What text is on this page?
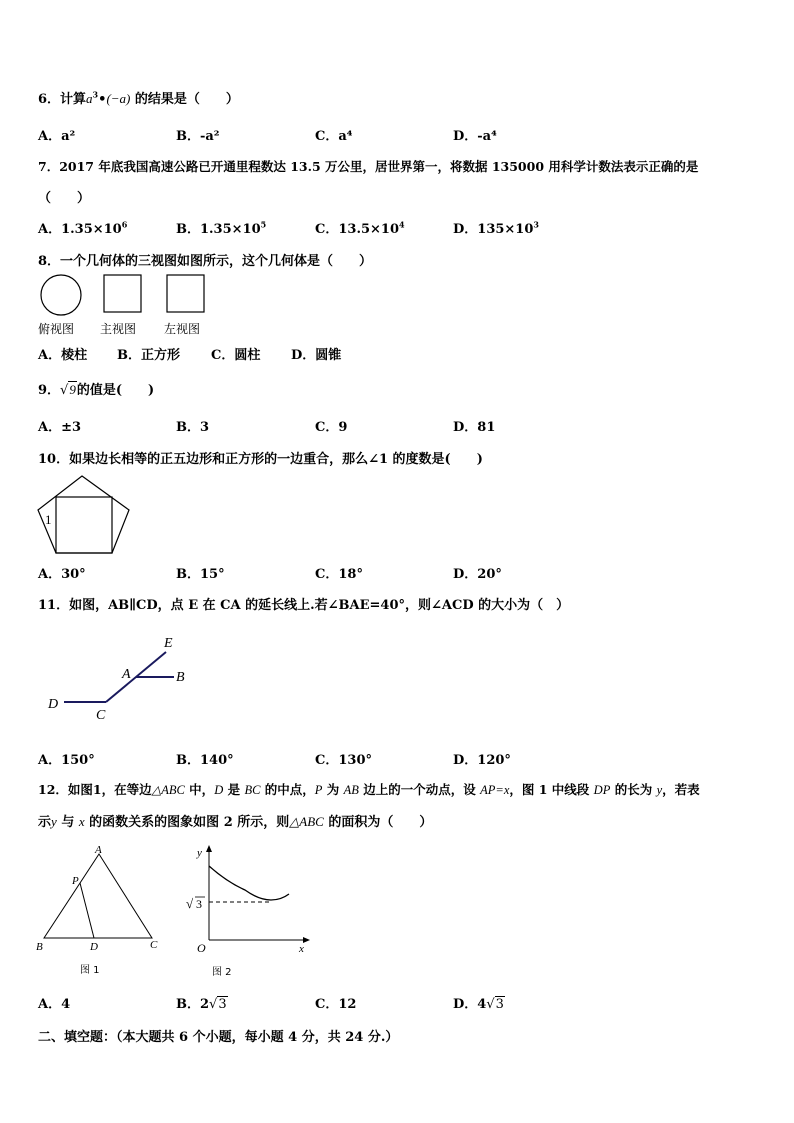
6．计算$a^3•(-a)$ 的结果是（　　）
A．a²	B．-a²	C．a⁴	D．-a⁴
7．2017 年底我国高速公路已开通里程数达 13.5 万公里，居世界第一，将数据 135000 用科学计数法表示正确的是
（　　）
A．$1.35\times 10^6$	B．$1.35\times 10^5$	C．$13.5\times 10^4$	D．$135\times 10^3$
8．一个几何体的三视图如图所示，这个几何体是（　　）
俯视图 主视图 左视图
A．棱柱 B．正方形 C．圆柱 D．圆锥
9．√9的值是(　　)
A．±3	B．3	C．9	D．81
10．如果边长相等的正五边形和正方形的一边重合，那么∠1 的度数是(　　)
1
A．30°	B．15°	C．18°	D．20°
11．如图，AB∥CD，点 E 在 CA 的延长线上.若∠BAE=40°，则∠ACD 的大小为（　）
E
A	B
D
C
A．150°	B．140°	C．130°	D．120°
12．如图1，在等边△ABC 中，D 是 BC 的中点，P 为 AB 边上的一个动点，设 AP=x，图 1 中线段 DP 的长为 y，若表
示y 与 x 的函数关系的图象如图 2 所示，则△ABC 的面积为（　　）
A
P
B	D	C
图 1
y
O	x
√ 3
图 2
A．4	B．2√3	C．12	D．4√3
二、填空题：（本大题共 6 个小题，每小题 4 分，共 24 分.）
